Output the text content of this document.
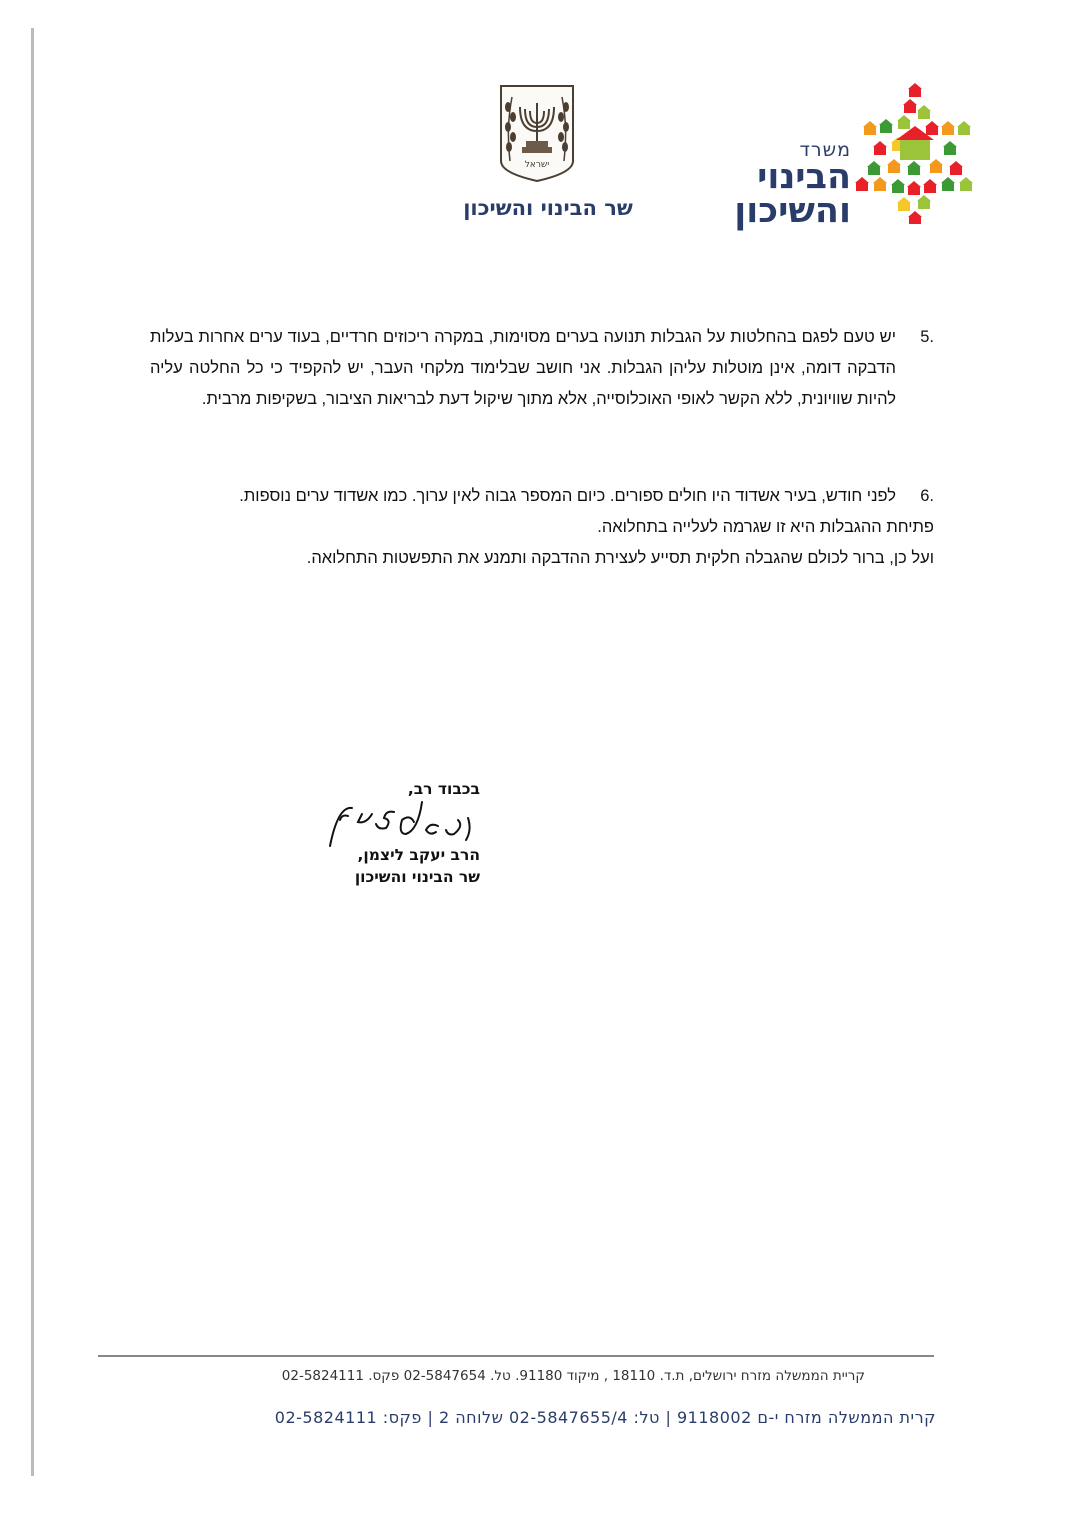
ישראל
שר הבינוי והשיכון
משרד
הבינוי
והשיכון
5.
יש טעם לפגם בהחלטות על הגבלות תנועה בערים מסוימות, במקרה ריכוזים חרדיים, בעוד ערים אחרות בעלות הדבקה דומה, אינן מוטלות עליהן הגבלות. אני חושב שבלימוד מלקחי העבר, יש להקפיד כי כל החלטה עליה להיות שוויונית, ללא הקשר לאופי האוכלוסייה, אלא מתוך שיקול דעת לבריאות הציבור, בשקיפות מרבית.
6.

לפני חודש, בעיר אשדוד היו חולים ספורים. כיום המספר גבוה לאין ערוך. כמו אשדוד ערים נוספות.

פתיחת ההגבלות היא זו שגרמה לעלייה בתחלואה.

ועל כן, ברור לכולם שהגבלה חלקית תסייע לעצירת ההדבקה ותמנע את התפשטות התחלואה.

בכבוד רב,
הרב יעקב ליצמן,
שר הבינוי והשיכון
קריית הממשלה מזרח ירושלים, ת.ד. 18110 , מיקוד 91180. טל. 02-5847654 פקס. 02-5824111
קרית הממשלה מזרח י-ם 9118002 | טל: 02-5847655/4 שלוחה 2 | פקס: 02-5824111
